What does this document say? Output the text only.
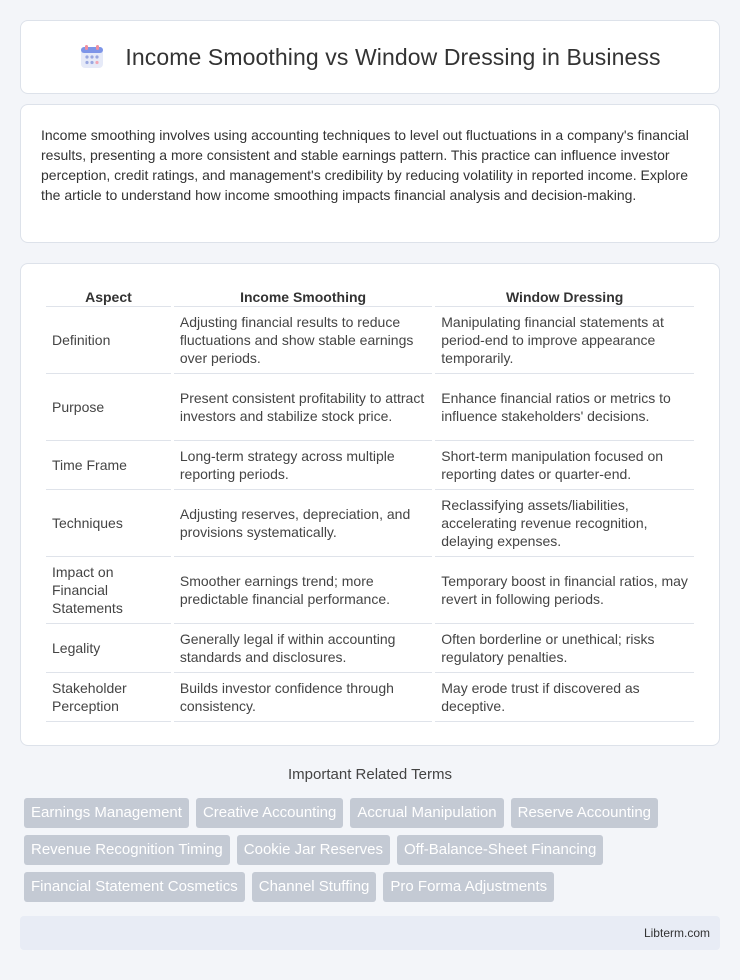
Income Smoothing vs Window Dressing in Business

Income smoothing involves using accounting techniques to level out fluctuations in a company's financial results, presenting a more consistent and stable earnings pattern. This practice can influence investor perception, credit ratings, and management's credibility by reducing volatility in reported income. Explore the article to understand how income smoothing impacts financial analysis and decision-making.

Aspect	Income Smoothing	Window Dressing
Definition	Adjusting financial results to reduce fluctuations and show stable earnings over periods.	Manipulating financial statements at period-end to improve appearance temporarily.
Purpose	Present consistent profitability to attract investors and stabilize stock price.	Enhance financial ratios or metrics to influence stakeholders' decisions.
Time Frame	Long-term strategy across multiple reporting periods.	Short-term manipulation focused on reporting dates or quarter-end.
Techniques	Adjusting reserves, depreciation, and provisions systematically.	Reclassifying assets/liabilities, accelerating revenue recognition, delaying expenses.
Impact on Financial Statements	Smoother earnings trend; more predictable financial performance.	Temporary boost in financial ratios, may revert in following periods.
Legality	Generally legal if within accounting standards and disclosures.	Often borderline or unethical; risks regulatory penalties.
Stakeholder Perception	Builds investor confidence through consistency.	May erode trust if discovered as deceptive.
Important Related Terms
Earnings Management	Creative Accounting	Accrual Manipulation	Reserve Accounting
Revenue Recognition Timing	Cookie Jar Reserves	Off-Balance-Sheet Financing
Financial Statement Cosmetics	Channel Stuffing	Pro Forma Adjustments
Libterm.com
